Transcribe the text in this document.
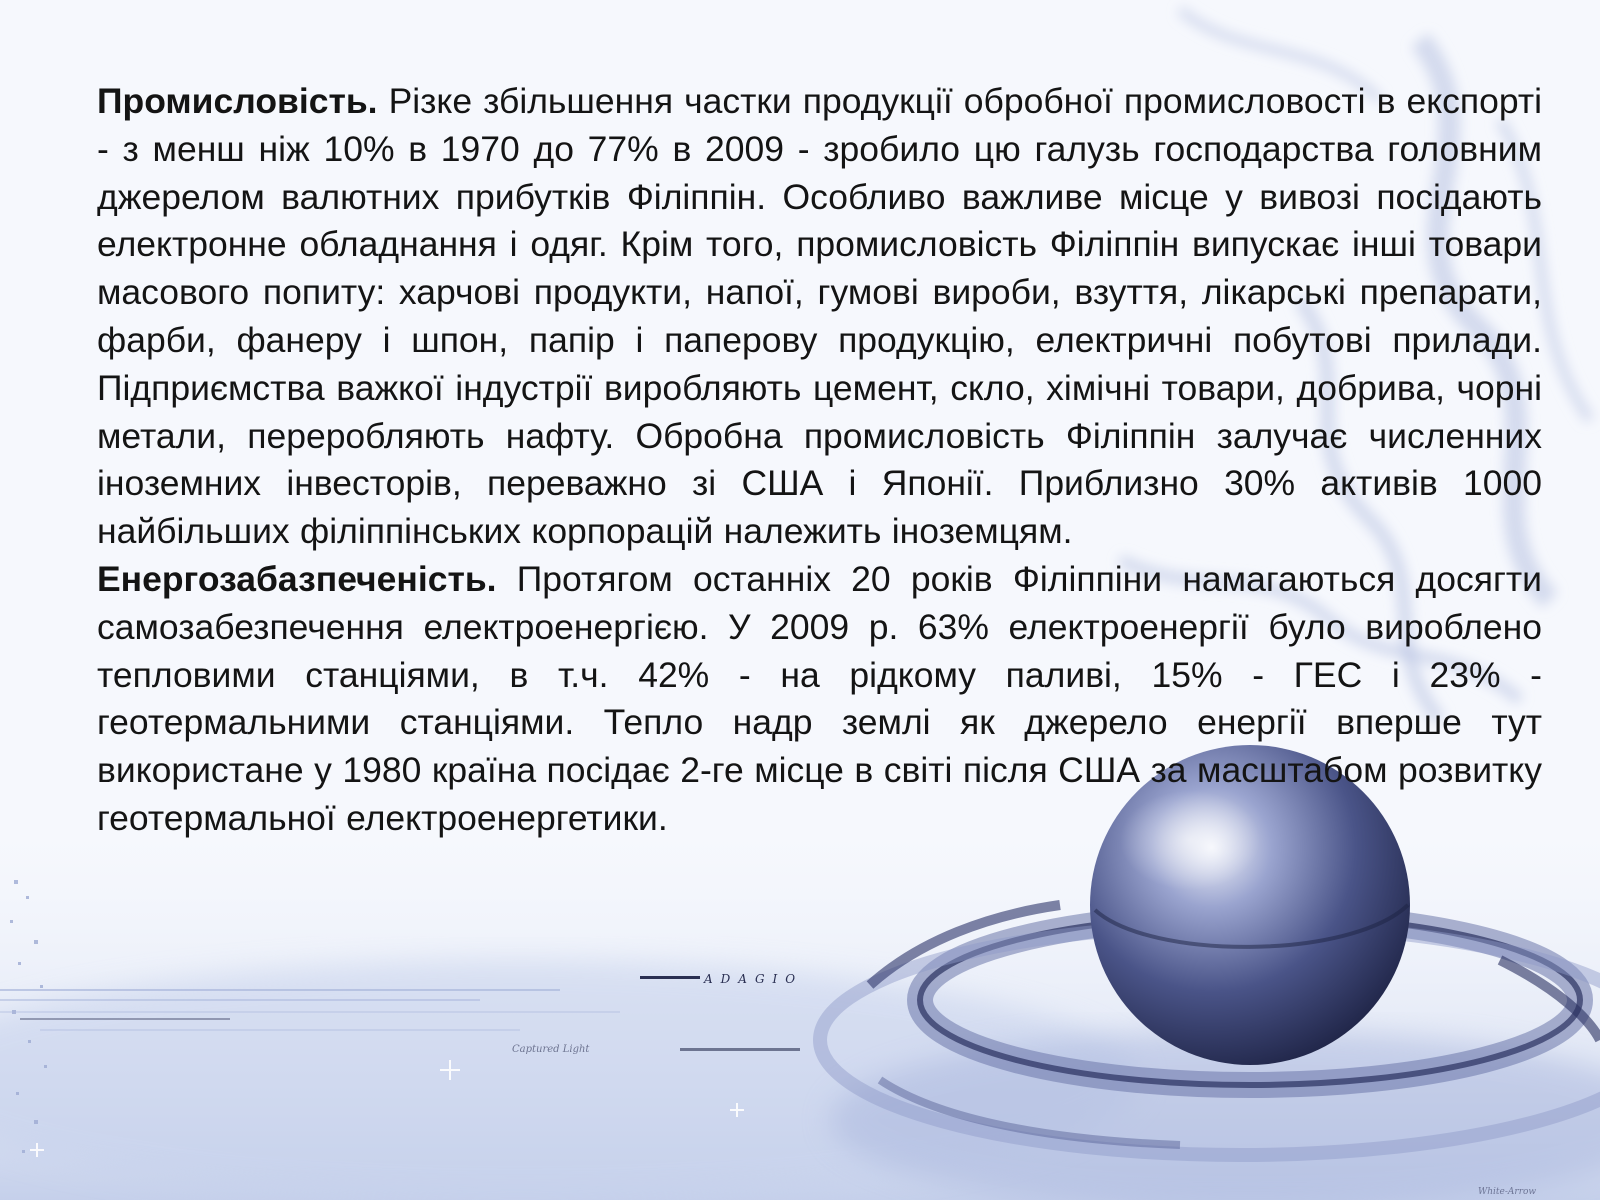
ADAGIO
Captured Light
White-Arrow

Промисловість. Різке збільшення частки продукції обробної промисловості в експорті - з менш ніж 10% в 1970 до 77% в 2009 - зробило цю галузь господарства головним джерелом валютних прибутків Філіппін. Особливо важливе місце у вивозі посідають електронне обладнання і одяг. Крім того, промисловість Філіппін випускає інші товари масового попиту: харчові продукти, напої, гумові вироби, взуття, лікарські препарати, фарби, фанеру і шпон, папір і паперову продукцію, електричні побутові прилади. Підприємства важкої індустрії виробляють цемент, скло, хімічні товари, добрива, чорні метали, переробляють нафту. Обробна промисловість Філіппін залучає численних іноземних інвесторів, переважно зі США і Японії. Приблизно 30% активів 1000 найбільших філіппінських корпорацій належить іноземцям.

Енергозабазпеченість. Протягом останніх 20 років Філіппіни намагаються досягти самозабезпечення електроенергією. У 2009 р. 63% електроенергії було вироблено тепловими станціями, в т.ч. 42% - на рідкому паливі, 15% - ГЕС і 23% - геотермальними станціями. Тепло надр землі як джерело енергії вперше тут використане у 1980 країна посідає 2-ге місце в світі після США за масштабом розвитку геотермальної електроенергетики.
